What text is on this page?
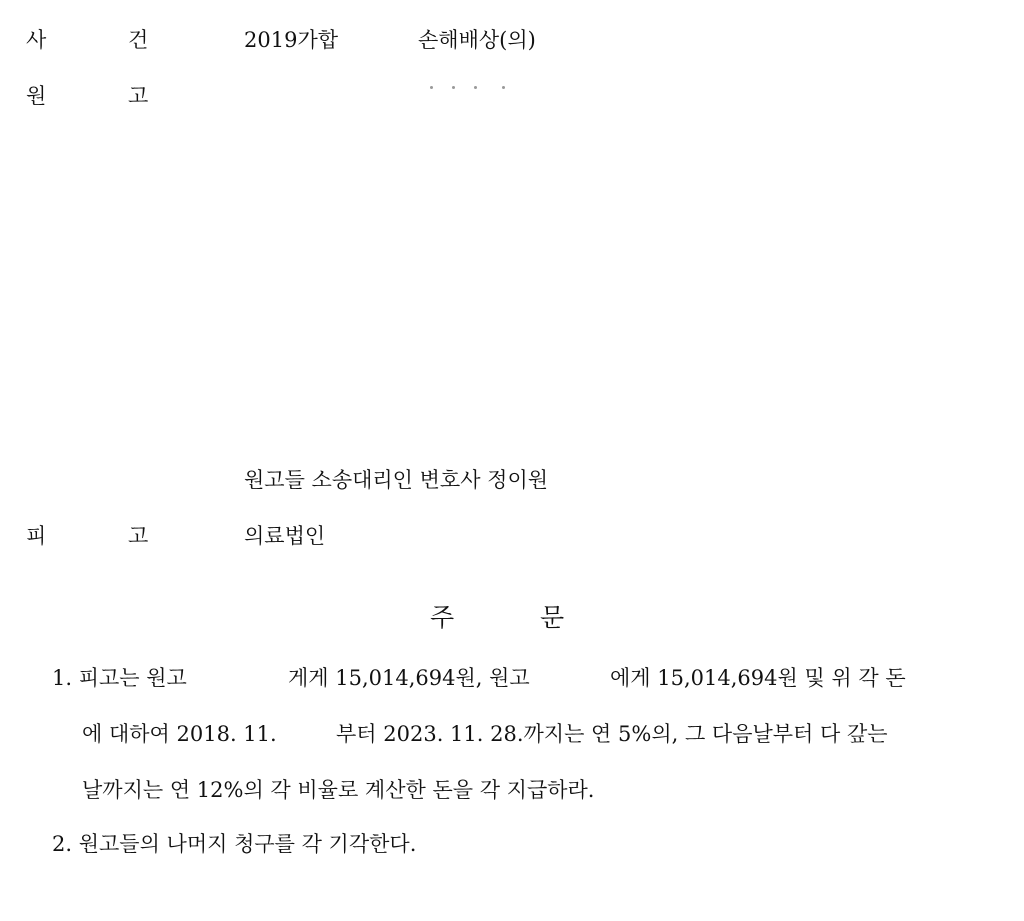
사	건	2019가합	손해배상(의)
원	고
원고들 소송대리인 변호사 정이원
피	고	의료법인
주	문
1. 피고는 원고	게게 15,014,694원, 원고	에게 15,014,694원 및 위 각 돈
에 대하여 2018. 11.	부터 2023. 11. 28.까지는 연 5%의, 그 다음날부터 다 갚는
날까지는 연 12%의 각 비율로 계산한 돈을 각 지급하라.
2. 원고들의 나머지 청구를 각 기각한다.
